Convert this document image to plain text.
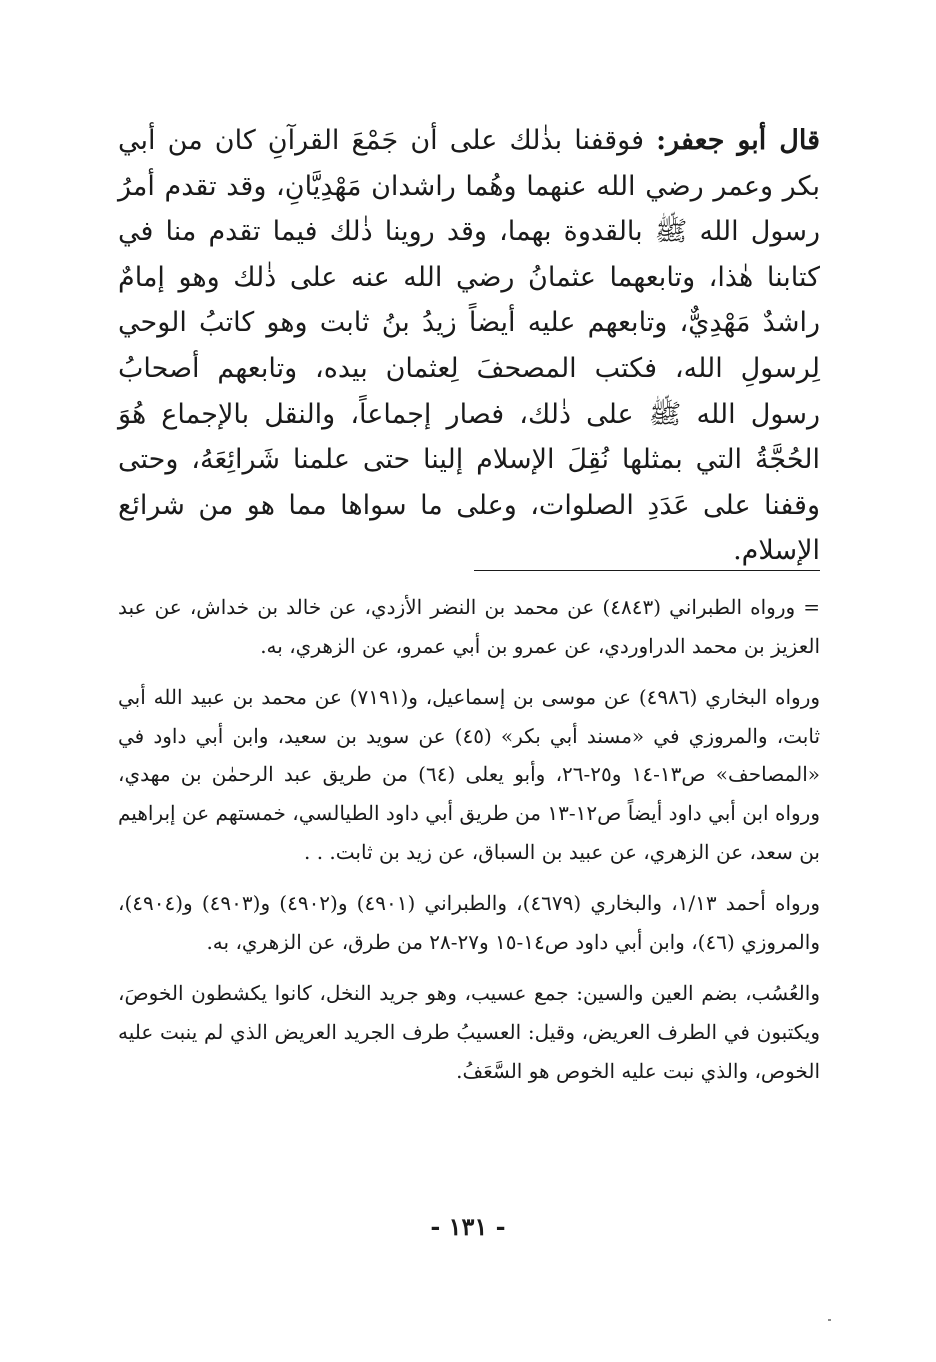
قال أبو جعفر: فوقفنا بذٰلك على أن جَمْعَ القرآنِ كان من أبي بكر وعمر رضي الله عنهما وهُما راشدان مَهْدِيَّانِ، وقد تقدم أمرُ رسول الله ﷺ بالقدوة بهما، وقد روينا ذٰلك فيما تقدم منا في كتابنا هٰذا، وتابعهما عثمانُ رضي الله عنه على ذٰلك وهو إمامٌ راشدٌ مَهْدِيٌّ، وتابعهم عليه أيضاً زيدُ بنُ ثابت وهو كاتبُ الوحي لِرسولِ الله، فكتب المصحفَ لِعثمان بيده، وتابعهم أصحابُ رسول الله ﷺ على ذٰلك، فصار إجماعاً، والنقل بالإجماع هُوَ الحُجَّةُ التي بمثلها نُقِلَ الإسلام إلينا حتى علمنا شَرائِعَهُ، وحتى وقفنا على عَدَدِ الصلوات، وعلى ما سواها مما هو من شرائع الإسلام.

= ورواه الطبراني (٤٨٤٣) عن محمد بن النضر الأزدي، عن خالد بن خداش، عن عبد العزيز بن محمد الدراوردي، عن عمرو بن أبي عمرو، عن الزهري، به.

ورواه البخاري (٤٩٨٦) عن موسى بن إسماعيل، و(٧١٩١) عن محمد بن عبيد الله أبي ثابت، والمروزي في «مسند أبي بكر» (٤٥) عن سويد بن سعيد، وابن أبي داود في «المصاحف» ص١٣-١٤ و٢٥-٢٦، وأبو يعلى (٦٤) من طريق عبد الرحمٰن بن مهدي، ورواه ابن أبي داود أيضاً ص١٢-١٣ من طريق أبي داود الطيالسي، خمستهم عن إبراهيم بن سعد، عن الزهري، عن عبيد بن السباق، عن زيد بن ثابت. . .

ورواه أحمد ١/١٣، والبخاري (٤٦٧٩)، والطبراني (٤٩٠١) و(٤٩٠٢) و(٤٩٠٣) و(٤٩٠٤)، والمروزي (٤٦)، وابن أبي داود ص١٤-١٥ و٢٧-٢٨ من طرق، عن الزهري، به.

والعُسُب، بضم العين والسين: جمع عسيب، وهو جريد النخل، كانوا يكشطون الخوصَ، ويكتبون في الطرف العريض، وقيل: العسيبُ طرف الجريد العريض الذي لم ينبت عليه الخوص، والذي نبت عليه الخوص هو السَّعَفُ.

- ١٣١ -
